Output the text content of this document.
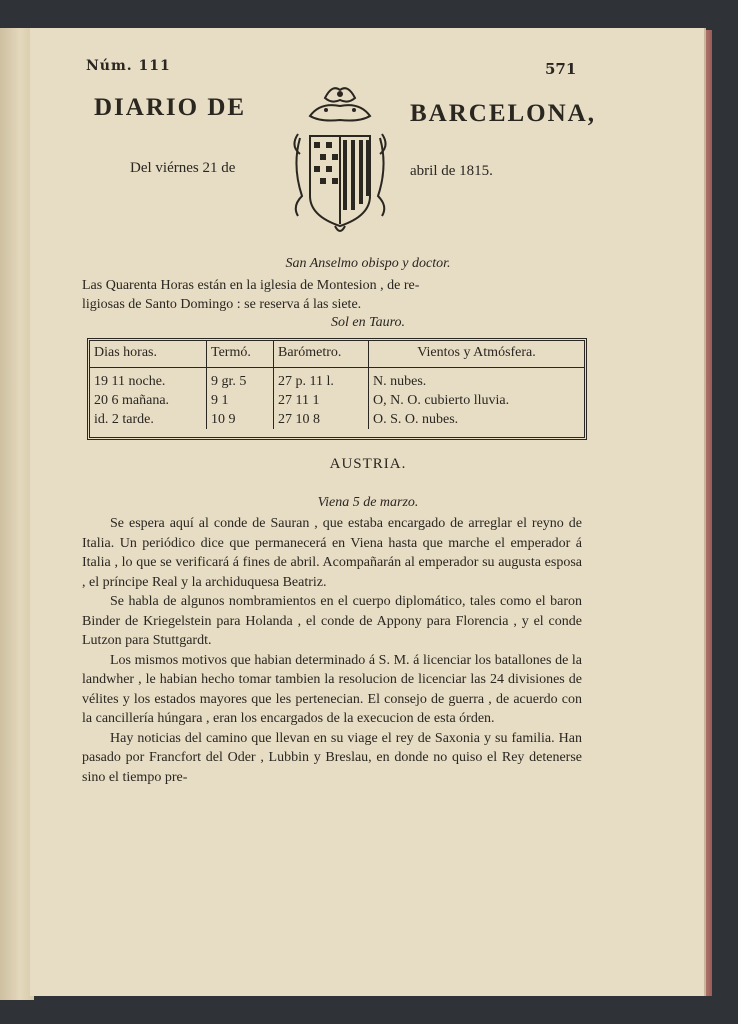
Núm. 111	571
DIARIO DE	BARCELONA,
Del viérnes 21 de	abril de 1815.
San Anselmo obispo y doctor.
Las Quarenta Horas están en la iglesia de Montesion , de re-
ligiosas de Santo Domingo : se reserva á las siete.
Sol en Tauro.
Dias horas.	Termó.	Barómetro.	Vientos y Atmósfera.
19 11 noche.	9 gr. 5	27 p. 11 l.	N. nubes.
20 6 mañana.	9 1	27 11 1	O, N. O. cubierto lluvia.
id. 2 tarde.	10 9	27 10 8	O. S. O. nubes.
AUSTRIA.
Viena 5 de marzo.

Se espera aquí al conde de Sauran , que estaba encargado de arreglar el reyno de Italia. Un periódico dice que permanecerá en Viena hasta que marche el emperador á Italia , lo que se verificará á fines de abril. Acompañarán al emperador su augusta esposa , el príncipe Real y la archiduquesa Beatriz.

Se habla de algunos nombramientos en el cuerpo diplomático, tales como el baron Binder de Kriegelstein para Holanda , el conde de Appony para Florencia , y el conde Lutzon para Stuttgardt.

Los mismos motivos que habian determinado á S. M. á licenciar los batallones de la landwher , le habian hecho tomar tambien la resolucion de licenciar las 24 divisiones de vélites y los estados mayores que les pertenecian. El consejo de guerra , de acuerdo con la cancillería húngara , eran los encargados de la execucion de esta órden.

Hay noticias del camino que llevan en su viage el rey de Saxonia y su familia. Han pasado por Francfort del Oder , Lubbin y Breslau, en donde no quiso el Rey detenerse sino el tiempo pre-
